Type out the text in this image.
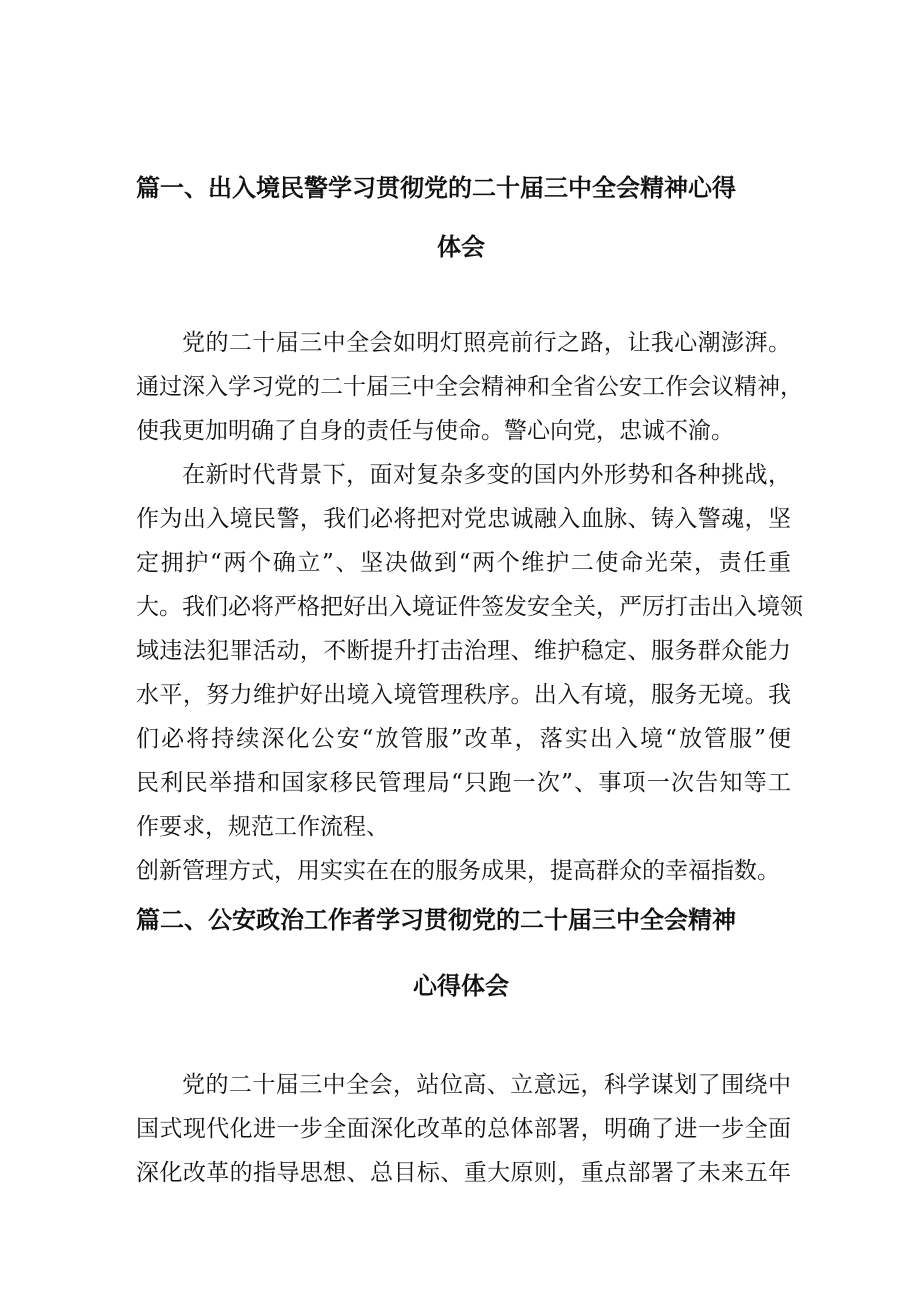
篇一、出入境民警学习贯彻党的二十届三中全会精神心得
体会
党的二十届三中全会如明灯照亮前行之路，让我心潮澎湃。
通过深入学习党的二十届三中全会精神和全省公安工作会议精神，
使我更加明确了自身的责任与使命。警心向党，忠诚不渝。
在新时代背景下，面对复杂多变的国内外形势和各种挑战，
作为出入境民警，我们必将把对党忠诚融入血脉、铸入警魂，坚
定拥护“两个确立”、坚决做到“两个维护二使命光荣，责任重
大。我们必将严格把好出入境证件签发安全关，严厉打击出入境领
域违法犯罪活动，不断提升打击治理、维护稳定、服务群众能力
水平，努力维护好出境入境管理秩序。出入有境，服务无境。我
们必将持续深化公安“放管服”改革，落实出入境“放管服”便
民利民举措和国家移民管理局“只跑一次”、事项一次告知等工
作要求，规范工作流程、
创新管理方式，用实实在在的服务成果，提高群众的幸福指数。
篇二、公安政治工作者学习贯彻党的二十届三中全会精神
心得体会
党的二十届三中全会，站位高、立意远，科学谋划了围绕中
国式现代化进一步全面深化改革的总体部署，明确了进一步全面
深化改革的指导思想、总目标、重大原则，重点部署了未来五年
